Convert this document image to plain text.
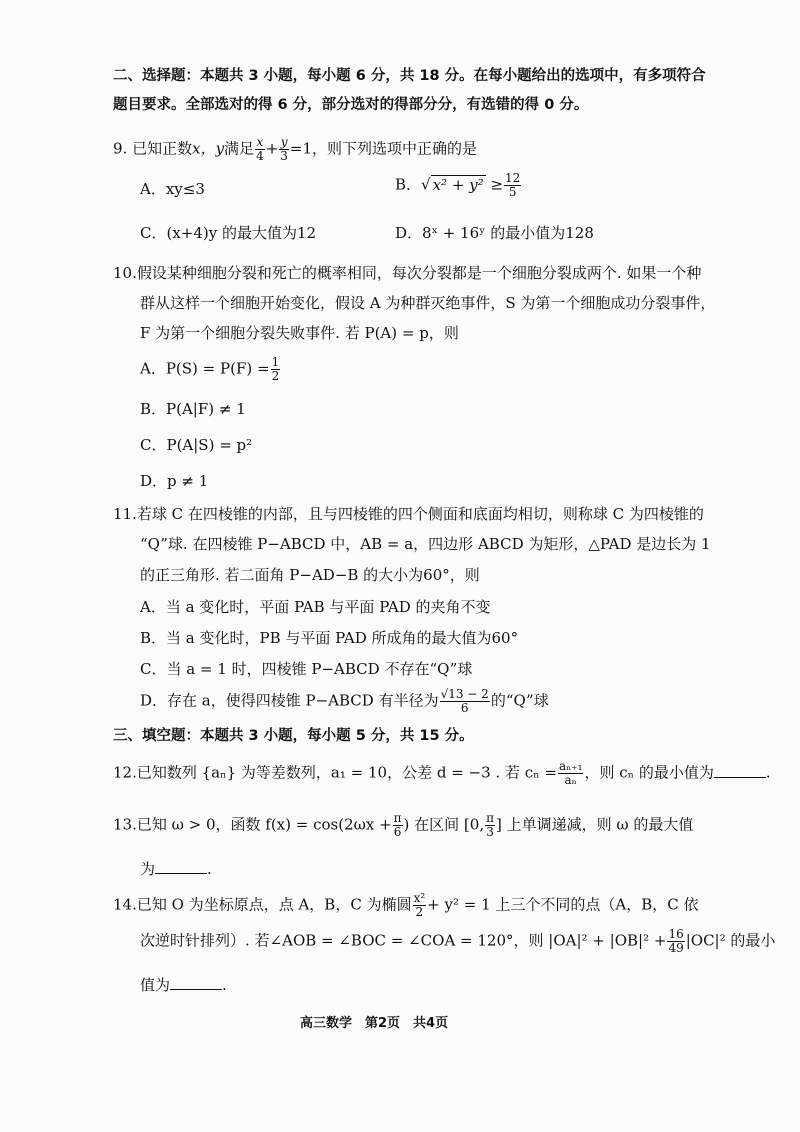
二、选择题：本题共 3 小题，每小题 6 分，共 18 分。在每小题给出的选项中，有多项符合
题目要求。全部选对的得 6 分，部分选对的得部分分，有选错的得 0 分。
9. 已知正数x，y满足 $\frac{x}{4} + \frac{y}{3} =1$，则下列选项中正确的是
A．xy≤3	B．√ $x^2 + y^2 \ge \frac{12}{5}$
C．(x+4)y 的最大值为12	D．8ˣ + 16ʸ 的最小值为128
10.假设某种细胞分裂和死亡的概率相同，每次分裂都是一个细胞分裂成两个. 如果一个种
群从这样一个细胞开始变化，假设 A 为种群灭绝事件，S 为第一个细胞成功分裂事件，
F 为第一个细胞分裂失败事件. 若 P(A) = p，则
A．$P(S) = P(F) = \frac{1}{2}$
B．P(A|F) ≠ 1
C．P(A|S) = p²
D．p ≠ 1
11.若球 C 在四棱锥的内部，且与四棱锥的四个侧面和底面均相切，则称球 C 为四棱锥的
“Q”球. 在四棱锥 P−ABCD 中，AB = a，四边形 ABCD 为矩形，△PAD 是边长为 1
的正三角形. 若二面角 P−AD−B 的大小为60°，则
A．当 a 变化时，平面 PAB 与平面 PAD 的夹角不变
B．当 a 变化时，PB 与平面 PAD 所成角的最大值为60°
C．当 a = 1 时，四棱锥 P−ABCD 不存在“Q”球
D．存在 a，使得四棱锥 P−ABCD 有半径为 $\frac{√13 - 2}{6}$ 的“Q”球
三、填空题：本题共 3 小题，每小题 5 分，共 15 分。
12.已知数列 {aₙ} 为等差数列，a₁ = 10，公差 d = −3 . 若 $c_n = \frac{\text{aₙ₊₁}}{\text{aₙ}}$ ，则 cₙ 的最小值为	.
13.已知 ω > 0，函数 $f(x) = \cos(2\omega x + \frac{\pi}{6}$ ) 在区间 [0, $\frac{\pi}{3}$ ] 上单调递减，则 ω 的最大值
为	.
14.已知 O 为坐标原点，点 A，B，C 为椭圆 $\frac{\text{x²}}{2} + y^2 = 1$ 上三个不同的点（A，B，C 依
次逆时针排列）. 若∠AOB = ∠BOC = ∠COA = 120°，则 $|OA|^2 + |OB|^2 + \frac{16}{49} |OC|^2$ 的最小
值为	.
高三数学　第2页　共4页
